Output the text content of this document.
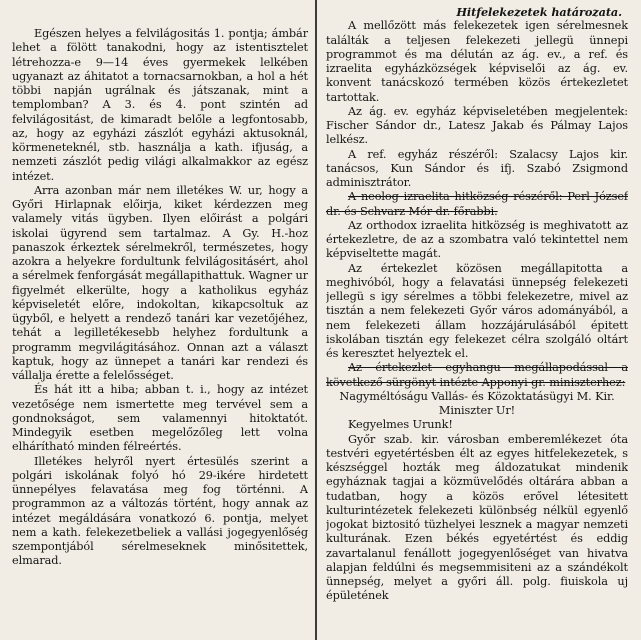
Egészen helyes a felvilágositás 1. pontja; ámbár lehet a fölött tanakodni, hogy az istentisztelet létrehozza-e 9—14 éves gyermekek lelkében ugyanazt az áhitatot a tornacsarnokban, a hol a hét többi napján ugrálnak és játszanak, mint a templomban? A 3. és 4. pont szintén ad felvilágositást, de kimaradt belőle a legfontosabb, az, hogy az egyházi zászlót egyházi aktusoknál, körmeneteknél, stb. használja a kath. ifjuság, a nemzeti zászlót pedig világi alkalmakkor az egész intézet.

Arra azonban már nem illetékes W. ur, hogy a Győri Hirlapnak előirja, kiket kérdezzen meg valamely vitás ügyben. Ilyen előirást a polgári iskolai ügyrend sem tartalmaz. A Gy. H.-hoz panaszok érkeztek sérelmekről, természetes, hogy azokra a helyekre fordultunk felvilágositásért, ahol a sérelmek fenforgását megállapithattuk. Wagner ur figyelmét elkerülte, hogy a katholikus egyház képviseletét előre, indokoltan, kikapcsoltuk az ügyből, e helyett a rendező tanári kar vezetőjéhez, tehát a legilletékesebb helyhez fordultunk a programm megvilágitásához. Onnan azt a választ kaptuk, hogy az ünnepet a tanári kar rendezi és vállalja érette a felelősséget.

És hát itt a hiba; abban t. i., hogy az intézet vezetősége nem ismertette meg tervével sem a gondnokságot, sem valamennyi hitoktatót. Mindegyik esetben megelőzőleg lett volna elhárítható minden félreértés.

Illetékes helyről nyert értesülés szerint a polgári iskolának folyó hó 29-ikére hirdetett ünnepélyes felavatása meg fog történni. A programmon az a változás történt, hogy annak az intézet megáldására vonatkozó 6. pontja, melyet nem a kath. felekezetbeliek a vallási jogegyenlőség szempontjából sérelmeseknek minősitettek, elmarad.

Hitfelekezetek határozata.

A mellőzött más felekezetek igen sérelmesnek találták a teljesen felekezeti jellegü ünnepi programmot és ma délután az ág. ev., a ref. és izraelita egyházközségek képviselői az ág. ev. konvent tanácskozó termében közös értekezletet tartottak.

Az ág. ev. egyház képviseletében megjelentek: Fischer Sándor dr., Latesz Jakab és Pálmay Lajos lelkész.

A ref. egyház részéről: Szalacsy Lajos kir. tanácsos, Kun Sándor és ifj. Szabó Zsigmond adminisztrátor.

A neolog izraelita hitközség részéről: Perl József dr. és Schvarz Mór dr. főrabbi.

Az orthodox izraelita hitközség is meghivatott az értekezletre, de az a szombatra való tekintettel nem képviseltette magát.

Az értekezlet közösen megállapitotta a meghivóból, hogy a felavatási ünnepség felekezeti jellegü s igy sérelmes a többi felekezetre, mivel az tisztán a nem felekezeti Győr város adományából, a nem felekezeti állam hozzájárulásából épitett iskolában tisztán egy felekezet célra szolgáló oltárt és keresztet helyeztek el.

Az értekezlet egyhangu megállapodással a következő sürgönyt intézte Apponyi gr. miniszterhez:

Nagyméltóságu Vallás- és Közoktatásügyi M. Kir. Miniszter Ur!

Kegyelmes Urunk!

Győr szab. kir. városban emberemlékezet óta testvéri egyetértésben élt az egyes hitfelekezetek, s készséggel hozták meg áldozatukat mindenik egyháznak tagjai a közmüvelődés oltárára abban a tudatban, hogy a közös erővel létesitett kulturintézetek felekezeti különbség nélkül egyenlő jogokat biztositó tüzhelyei lesznek a magyar nemzeti kulturának. Ezen békés egyetértést és eddig zavartalanul fenállott jogegyenlőséget van hivatva alapjan feldúlni és megsemmisiteni az a szándékolt ünnepség, melyet a győri áll. polg. fiuiskola uj épületének
